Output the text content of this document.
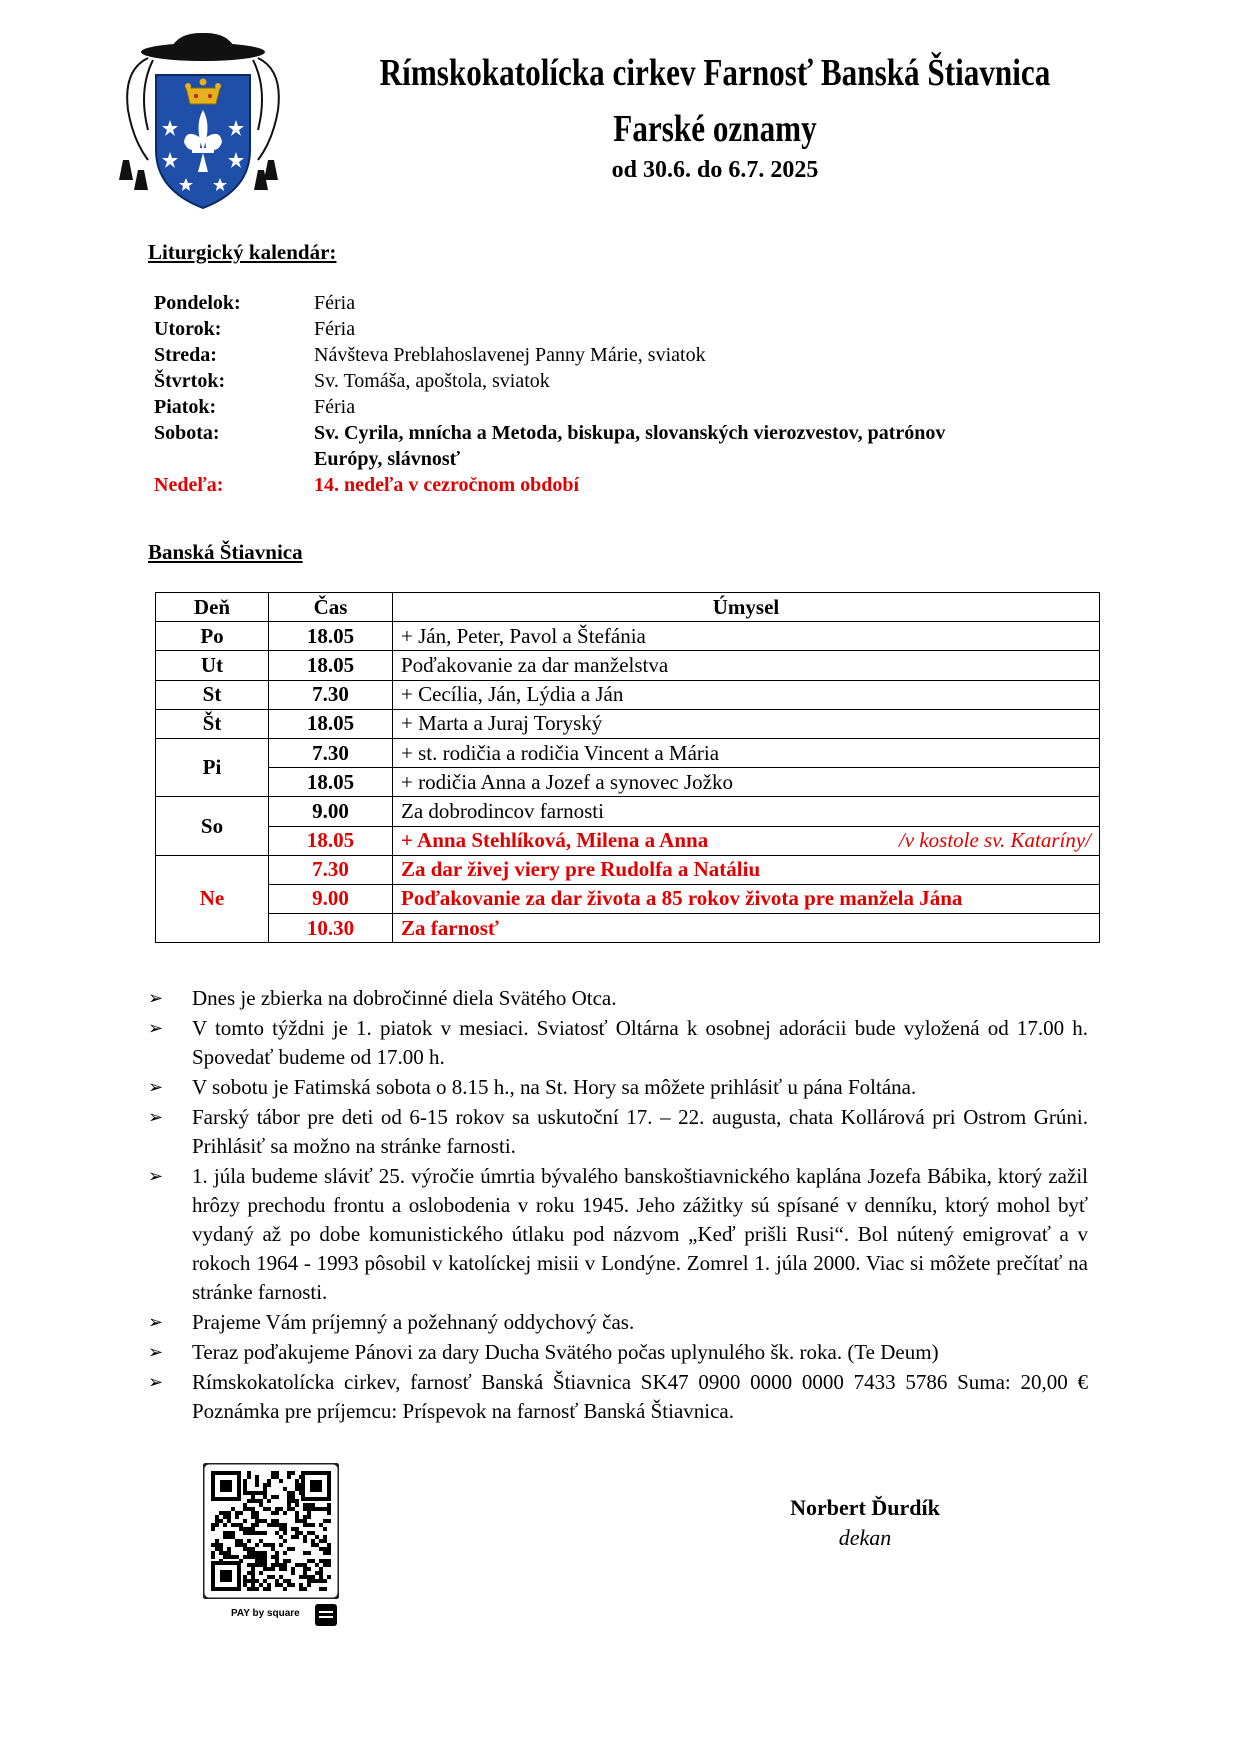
Rímskokatolícka cirkev Farnosť Banská Štiavnica
Farské oznamy
od 30.6. do 6.7. 2025
Liturgický kalendár:
Pondelok:	Féria
Utorok:	Féria
Streda:	Návšteva Preblahoslavenej Panny Márie, sviatok
Štvrtok:	Sv. Tomáša, apoštola, sviatok
Piatok:	Féria
Sobota:	Sv. Cyrila, mnícha a Metoda, biskupa, slovanských vierozvestov, patrónov
Európy, slávnosť
Nedeľa:	14. nedeľa v cezročnom období
Banská Štiavnica
Deň	Čas	Úmysel
Po	18.05	+ Ján, Peter, Pavol a Štefánia
Ut	18.05	Poďakovanie za dar manželstva
St	7.30	+ Cecília, Ján, Lýdia a Ján
Št	18.05	+ Marta a Juraj Toryský
Pi	7.30	+ st. rodičia a rodičia Vincent a Mária
	18.05	+ rodičia Anna a Jozef a synovec Jožko
So	9.00	Za dobrodincov farnosti
	18.05	+ Anna Stehlíková, Milena a Anna /v kostole sv. Kataríny/

Ne	7.30	Za dar živej viery pre Rudolfa a Natáliu
	9.00	Poďakovanie za dar života a 85 rokov života pre manžela Jána
	10.30	Za farnosť
➢	Dnes je zbierka na dobročinné diela Svätého Otca.
➢	V tomto týždni je 1. piatok v mesiaci. Sviatosť Oltárna k osobnej adorácii bude vyložená od 17.00 h. Spovedať budeme od 17.00 h.
➢	V sobotu je Fatimská sobota o 8.15 h., na St. Hory sa môžete prihlásiť u pána Foltána.
➢	Farský tábor pre deti od 6-15 rokov sa uskutoční 17. – 22. augusta, chata Kollárová pri Ostrom Grúni. Prihlásiť sa možno na stránke farnosti.
➢	1. júla budeme sláviť 25. výročie úmrtia bývalého banskoštiavnického kaplána Jozefa Bábika, ktorý zažil hrôzy prechodu frontu a oslobodenia v roku 1945. Jeho zážitky sú spísané v denníku, ktorý mohol byť vydaný až po dobe komunistického útlaku pod názvom „Keď prišli Rusi“. Bol nútený emigrovať a v rokoch 1964 - 1993 pôsobil v katolíckej misii v Londýne. Zomrel 1. júla 2000. Viac si môžete prečítať na stránke farnosti.
➢	Prajeme Vám príjemný a požehnaný oddychový čas.
➢	Teraz poďakujeme Pánovi za dary Ducha Svätého počas uplynulého šk. roka. (Te Deum)
➢	Rímskokatolícka cirkev, farnosť Banská Štiavnica SK47 0900 0000 0000 7433 5786 Suma: 20,00 € Poznámka pre príjemcu: Príspevok na farnosť Banská Štiavnica.
PAY by square
Norbert Ďurdík
dekan
